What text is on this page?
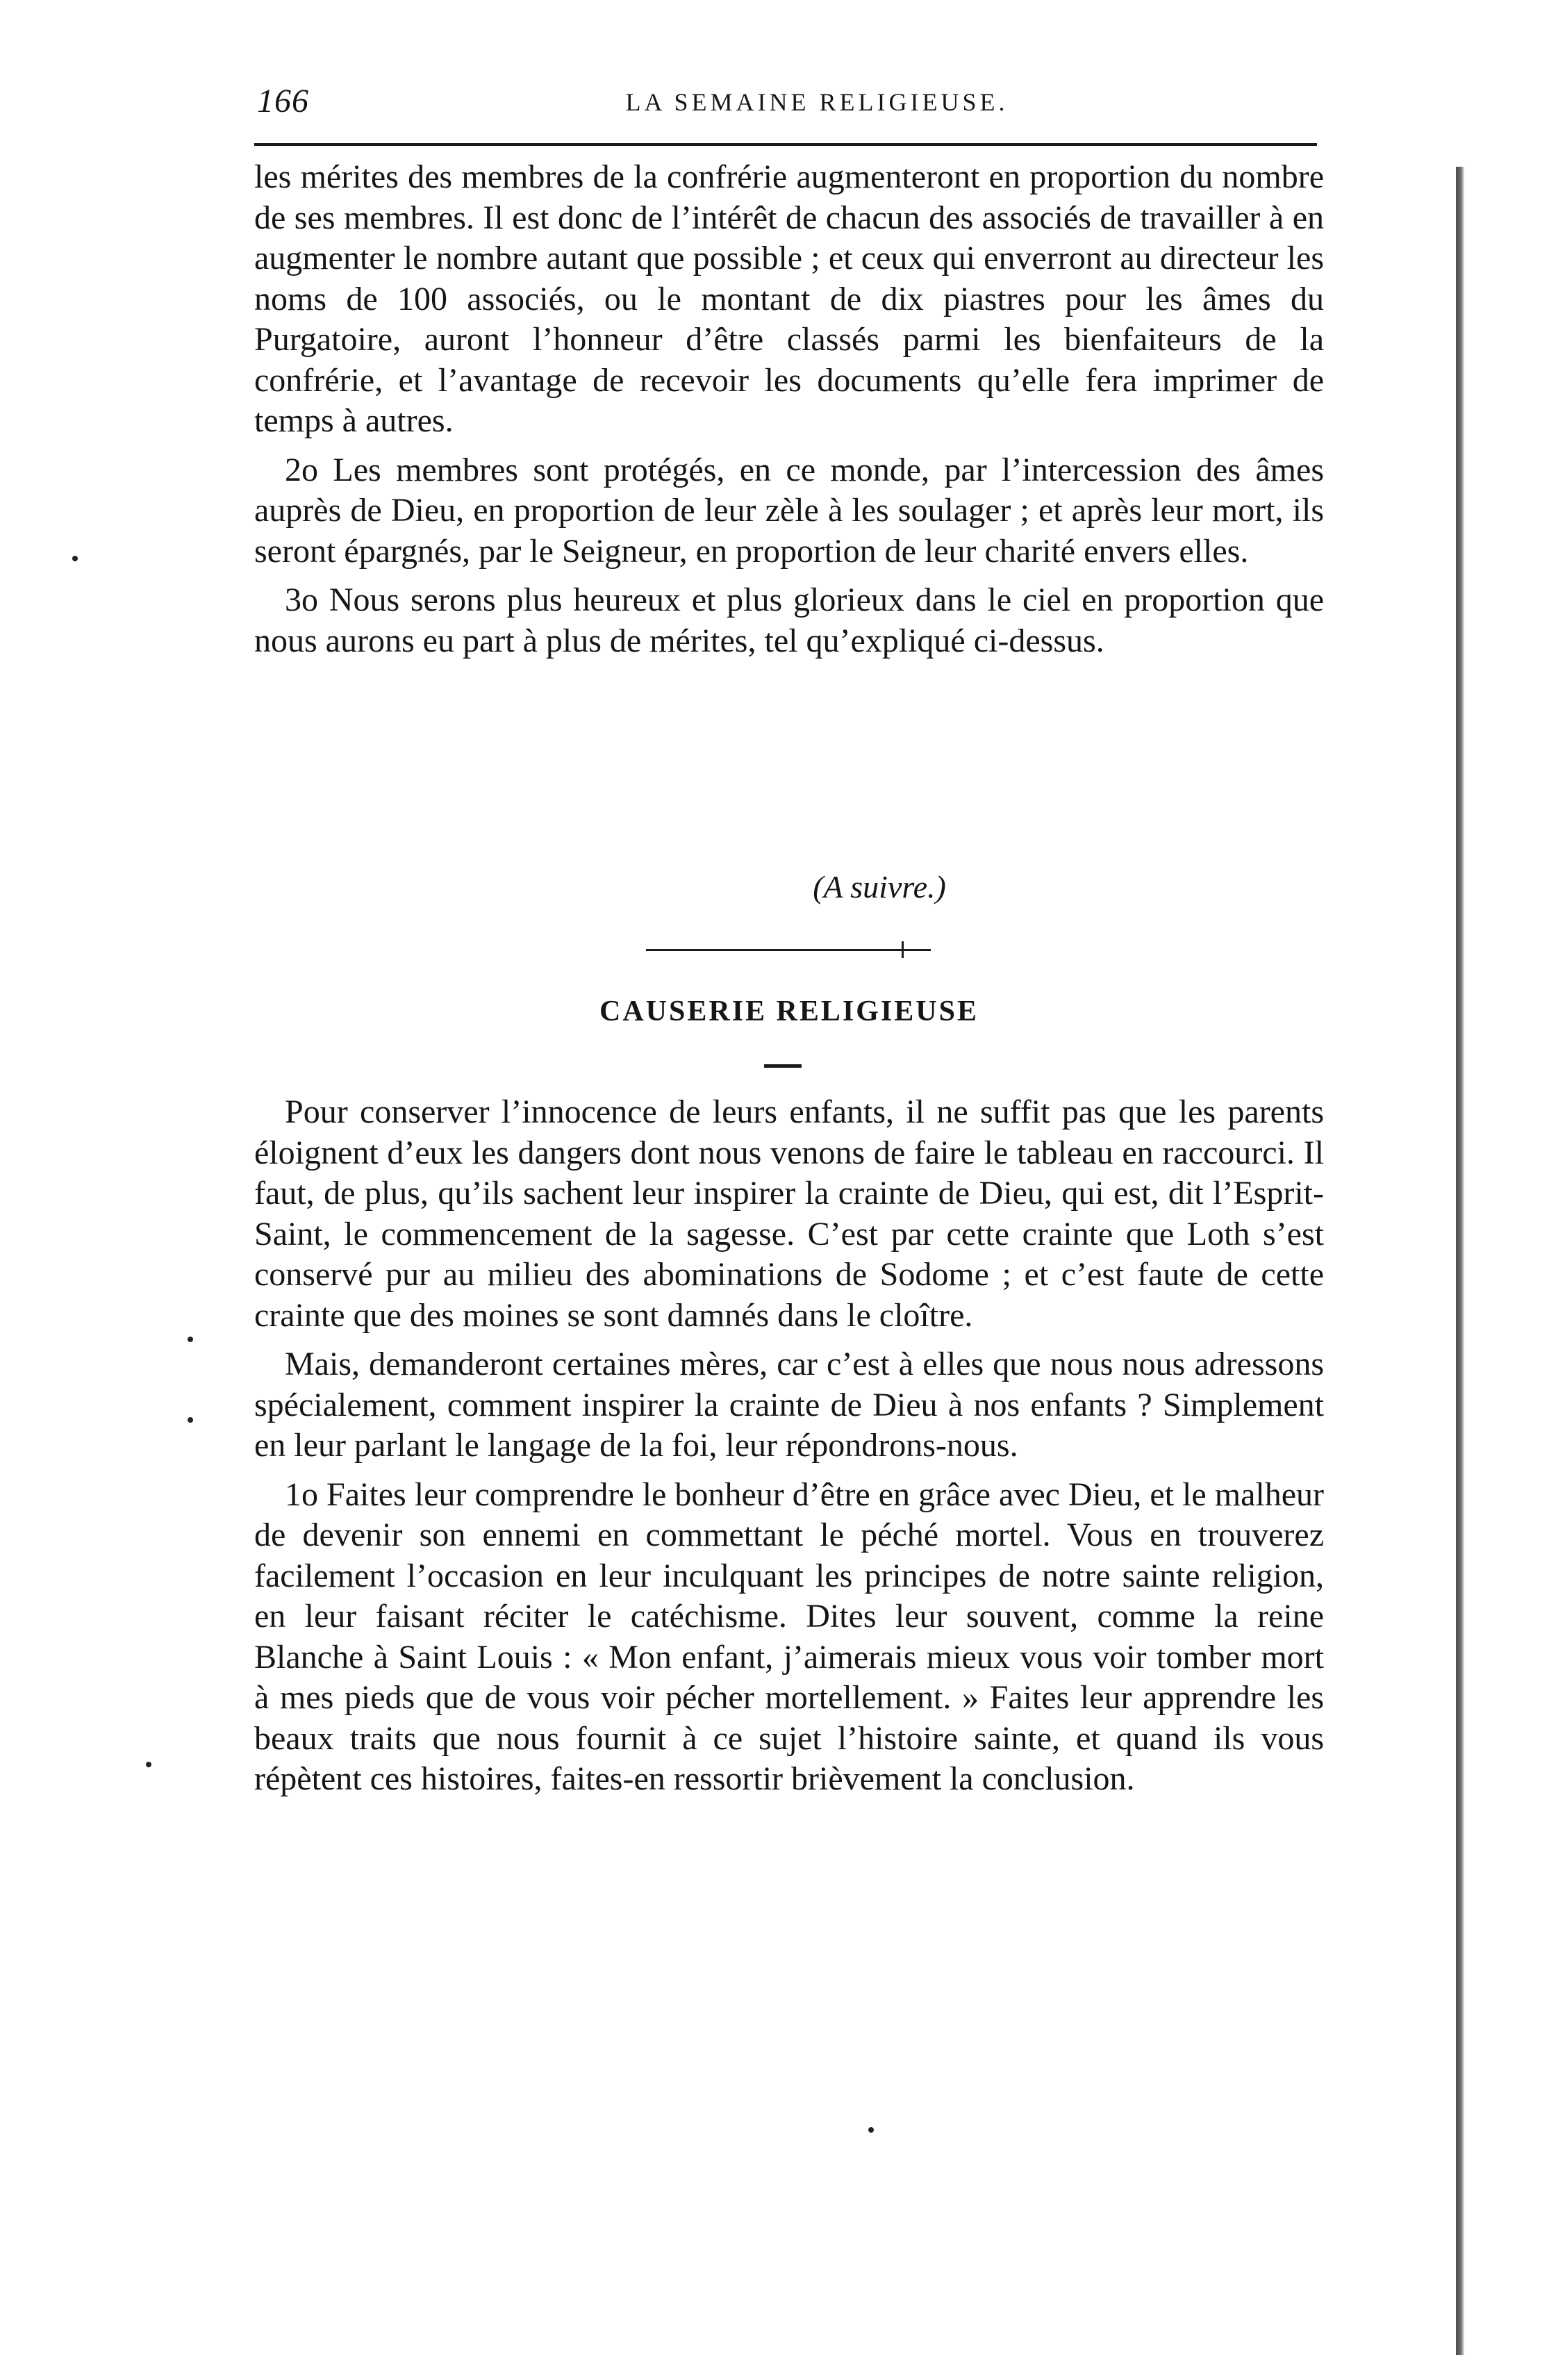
166	LA SEMAINE RELIGIEUSE.

les mérites des membres de la confrérie augmenteront en proportion du nombre de ses membres. Il est donc de l’intérêt de chacun des associés de travailler à en augmenter le nombre autant que possible ; et ceux qui enverront au directeur les noms de 100 associés, ou le montant de dix piastres pour les âmes du Purgatoire, auront l’honneur d’être classés parmi les bienfaiteurs de la confrérie, et l’avantage de recevoir les documents qu’elle fera imprimer de temps à autres.

2o Les membres sont protégés, en ce monde, par l’intercession des âmes auprès de Dieu, en proportion de leur zèle à les soulager ; et après leur mort, ils seront épargnés, par le Seigneur, en proportion de leur charité envers elles.

3o Nous serons plus heureux et plus glorieux dans le ciel en proportion que nous aurons eu part à plus de mérites, tel qu’expliqué ci-dessus.

(A suivre.)
CAUSERIE RELIGIEUSE

Pour conserver l’innocence de leurs enfants, il ne suffit pas que les parents éloignent d’eux les dangers dont nous venons de faire le tableau en raccourci. Il faut, de plus, qu’ils sachent leur inspirer la crainte de Dieu, qui est, dit l’Esprit-Saint, le commencement de la sagesse. C’est par cette crainte que Loth s’est conservé pur au milieu des abominations de Sodome ; et c’est faute de cette crainte que des moines se sont damnés dans le cloître.

Mais, demanderont certaines mères, car c’est à elles que nous nous adressons spécialement, comment inspirer la crainte de Dieu à nos enfants ? Simplement en leur parlant le langage de la foi, leur répondrons-nous.

1o Faites leur comprendre le bonheur d’être en grâce avec Dieu, et le malheur de devenir son ennemi en commettant le péché mortel. Vous en trouverez facilement l’occasion en leur inculquant les principes de notre sainte religion, en leur faisant réciter le catéchisme. Dites leur souvent, comme la reine Blanche à Saint Louis : « Mon enfant, j’aimerais mieux vous voir tomber mort à mes pieds que de vous voir pécher mortellement. » Faites leur apprendre les beaux traits que nous fournit à ce sujet l’histoire sainte, et quand ils vous répètent ces histoires, faites-en ressortir brièvement la conclusion.
